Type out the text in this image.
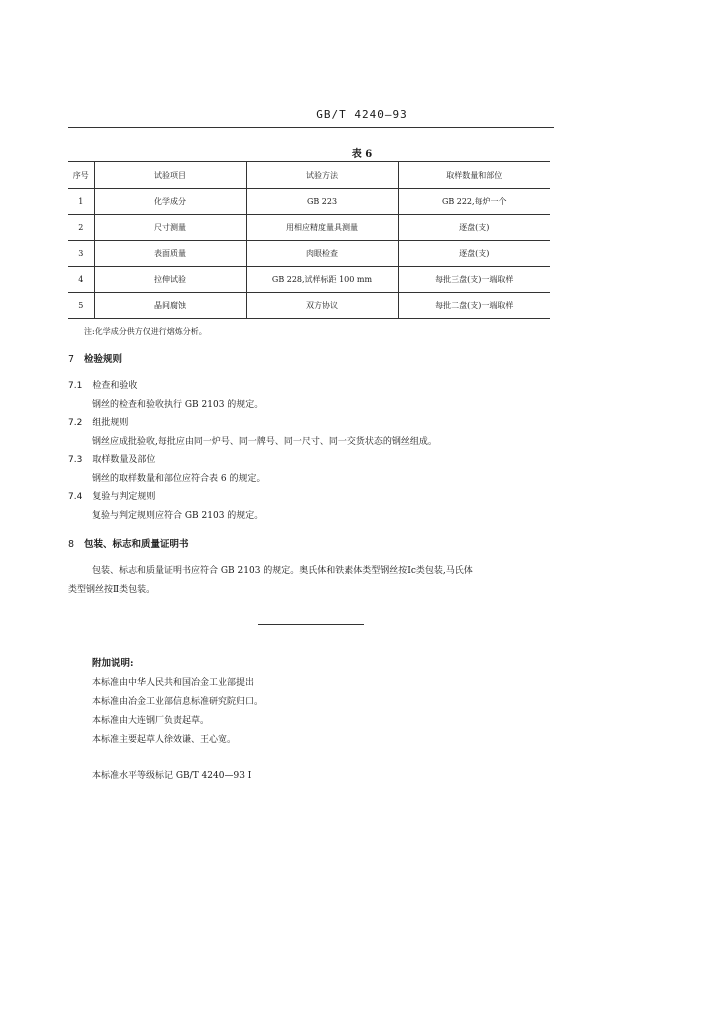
GB/T 4240—93
表 6
序号	试验项目	试验方法	取样数量和部位
1	化学成分	GB 223	GB 222,每炉一个
2	尺寸测量	用相应精度量具测量	逐盘(支)
3	表面质量	肉眼检查	逐盘(支)
4	拉伸试验	GB 228,试样标距 100 mm	每批三盘(支)一端取样
5	晶间腐蚀	双方协议	每批二盘(支)一端取样
注:化学成分供方仅进行熔炼分析。
7 检验规则
7.1 检查和验收
钢丝的检查和验收执行 GB 2103 的规定。
7.2 组批规则
钢丝应成批验收,每批应由同一炉号、同一牌号、同一尺寸、同一交货状态的钢丝组成。
7.3 取样数量及部位
钢丝的取样数量和部位应符合表 6 的规定。
7.4 复验与判定规则
复验与判定规则应符合 GB 2103 的规定。
8 包装、标志和质量证明书
包装、标志和质量证明书应符合 GB 2103 的规定。奥氏体和铁素体类型钢丝按Ⅰc类包装,马氏体
类型钢丝按Ⅱ类包装。
附加说明:
本标准由中华人民共和国冶金工业部提出
本标准由冶金工业部信息标准研究院归口。
本标准由大连钢厂负责起草。
本标准主要起草人徐效谦、王心宽。
本标准水平等级标记 GB/T 4240—93 Ⅰ
